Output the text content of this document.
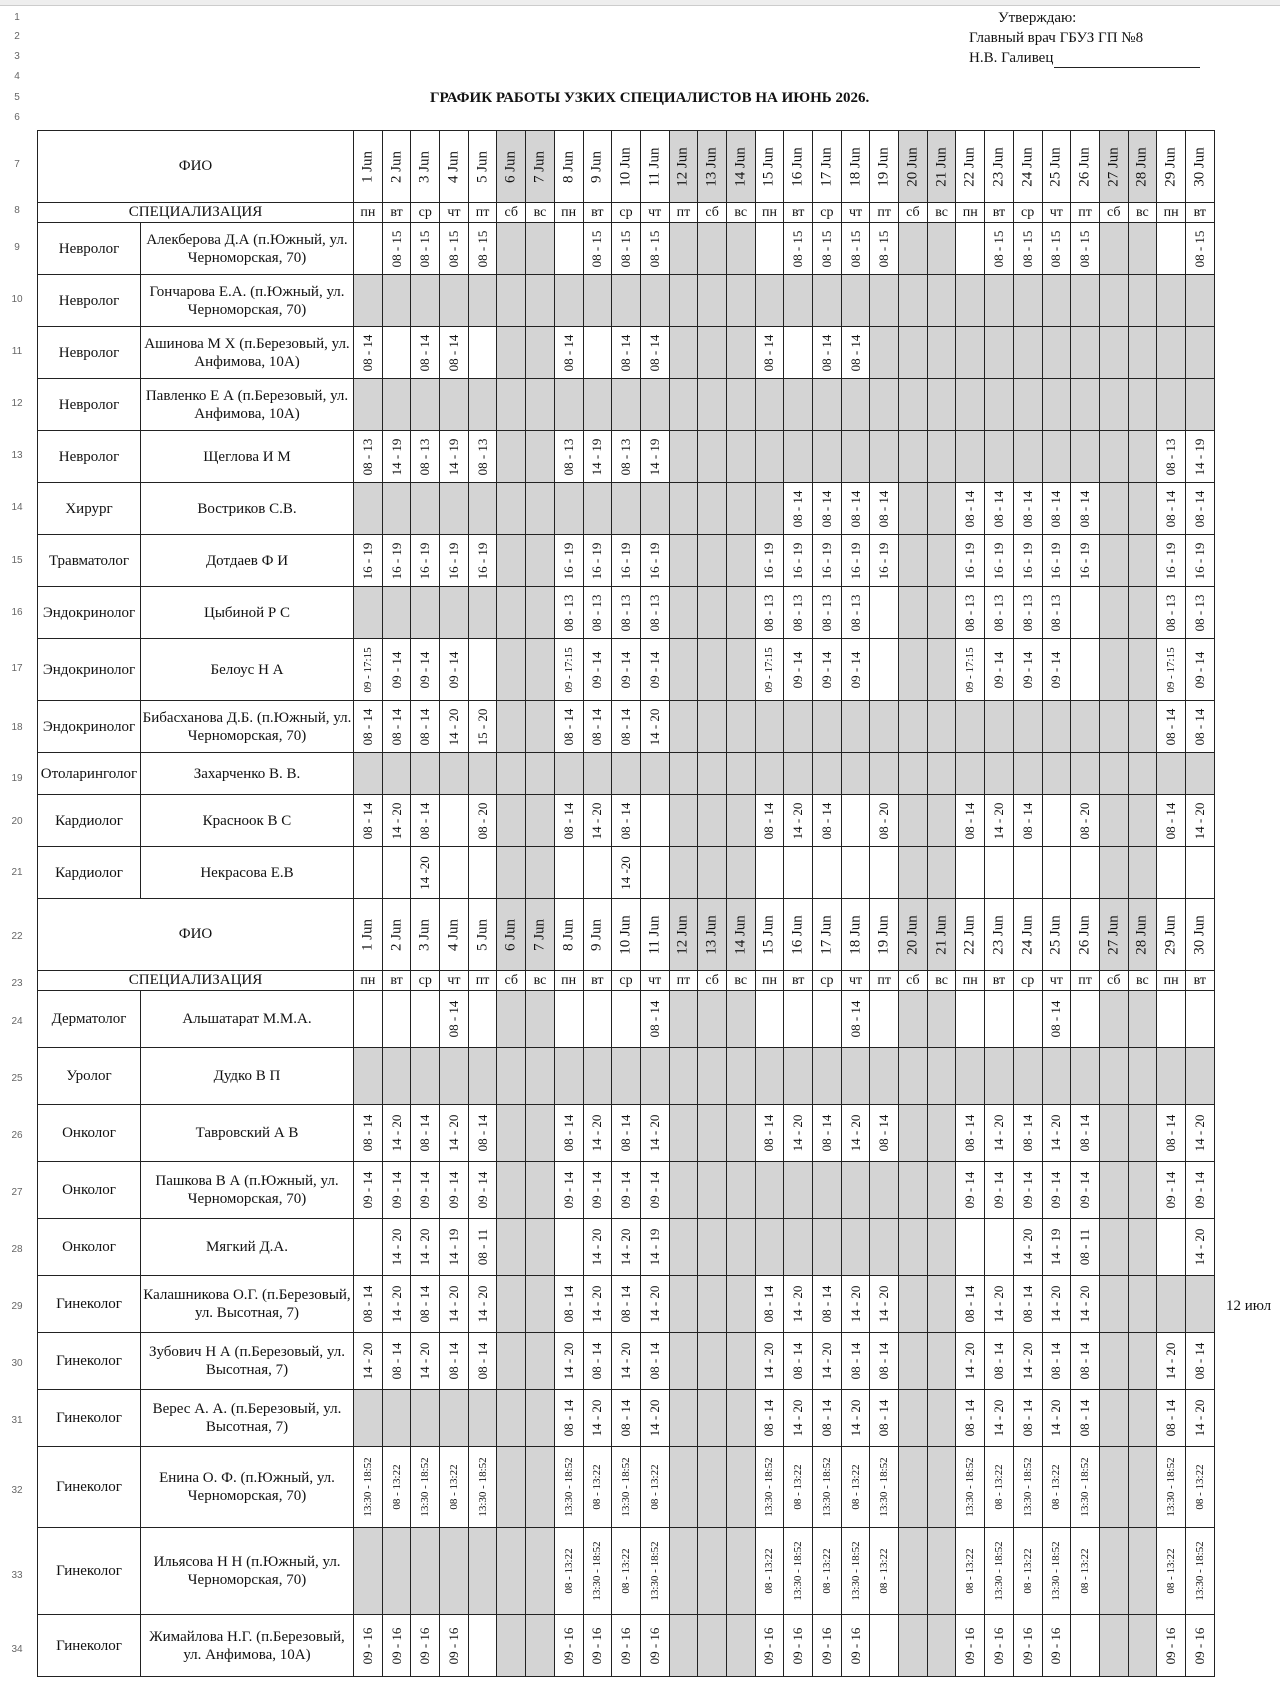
1
2
3
4
5
6
7
8
9
10
11
12
13
14
15
16
17
18
19
20
21
22
23
24
25
26
27
28
29
30
31
32
33
34
Утверждаю:
Главный врач ГБУЗ ГП №8
Н.В. Галивец
ГРАФИК РАБОТЫ УЗКИХ СПЕЦИАЛИСТОВ НА ИЮНЬ 2026.
ФИО		1 Jun	2 Jun	3 Jun	4 Jun	5 Jun	6 Jun	7 Jun	8 Jun	9 Jun	10 Jun	11 Jun	12 Jun	13 Jun	14 Jun	15 Jun	16 Jun	17 Jun	18 Jun	19 Jun	20 Jun	21 Jun	22 Jun	23 Jun	24 Jun	25 Jun	26 Jun	27 Jun	28 Jun	29 Jun	30 Jun

СПЕЦИАЛИЗАЦИЯ		пн	вт	ср	чт	пт	сб	вс	пн	вт	ср	чт	пт	сб	вс	пн	вт	ср	чт	пт	сб	вс	пн	вт	ср	чт	пт	сб	вс	пн	вт
Невролог	Алекберова Д.А (п.Южный, ул. Черноморская, 70)		08 - 15	08 - 15	08 - 15	08 - 15				08 - 15	08 - 15	08 - 15					08 - 15	08 - 15	08 - 15	08 - 15				08 - 15	08 - 15	08 - 15	08 - 15				08 - 15

Невролог	Гончарова Е.А. (п.Южный, ул. Черноморская, 70)																														
Невролог	Ашинова М Х (п.Березовый, ул. Анфимова, 10А)	08 - 14		08 - 14	08 - 14				08 - 14		08 - 14	08 - 14				08 - 14		08 - 14	08 - 14												

Невролог	Павленко Е А (п.Березовый, ул. Анфимова, 10А)																														
Невролог	Щеглова И М	08 - 13	14 - 19	08 - 13	14 - 19	08 - 13			08 - 13	14 - 19	08 - 13	14 - 19																		08 - 13	14 - 19

Хирург	Востриков С.В.																08 - 14	08 - 14	08 - 14	08 - 14			08 - 14	08 - 14	08 - 14	08 - 14	08 - 14			08 - 14	08 - 14

Травматолог	Дотдаев Ф И	16 - 19	16 - 19	16 - 19	16 - 19	16 - 19			16 - 19	16 - 19	16 - 19	16 - 19				16 - 19	16 - 19	16 - 19	16 - 19	16 - 19			16 - 19	16 - 19	16 - 19	16 - 19	16 - 19			16 - 19	16 - 19

Эндокринолог	Цыбиной Р С								08 - 13	08 - 13	08 - 13	08 - 13				08 - 13	08 - 13	08 - 13	08 - 13				08 - 13	08 - 13	08 - 13	08 - 13				08 - 13	08 - 13

Эндокринолог	Белоус Н А	09 - 17:15	09 - 14	09 - 14	09 - 14				09 - 17:15	09 - 14	09 - 14	09 - 14				09 - 17:15	09 - 14	09 - 14	09 - 14				09 - 17:15	09 - 14	09 - 14	09 - 14				09 - 17:15	09 - 14

Эндокринолог	Бибасханова Д.Б. (п.Южный, ул. Черноморская, 70)	08 - 14	08 - 14	08 - 14	14 - 20	15 - 20			08 - 14	08 - 14	08 - 14	14 - 20																		08 - 14	08 - 14

Отоларинголог	Захарченко В. В.																														
Кардиолог	Красноок В С	08 - 14	14 - 20	08 - 14		08 - 20			08 - 14	14 - 20	08 - 14					08 - 14	14 - 20	08 - 14		08 - 20			08 - 14	14 - 20	08 - 14		08 - 20			08 - 14	14 - 20

Кардиолог	Некрасова Е.В			14 -20							14 -20																				

ФИО		1 Jun	2 Jun	3 Jun	4 Jun	5 Jun	6 Jun	7 Jun	8 Jun	9 Jun	10 Jun	11 Jun	12 Jun	13 Jun	14 Jun	15 Jun	16 Jun	17 Jun	18 Jun	19 Jun	20 Jun	21 Jun	22 Jun	23 Jun	24 Jun	25 Jun	26 Jun	27 Jun	28 Jun	29 Jun	30 Jun

СПЕЦИАЛИЗАЦИЯ		пн	вт	ср	чт	пт	сб	вс	пн	вт	ср	чт	пт	сб	вс	пн	вт	ср	чт	пт	сб	вс	пн	вт	ср	чт	пт	сб	вс	пн	вт
Дерматолог	Альшатарат М.М.А.				08 - 14							08 - 14							08 - 14							08 - 14					

Уролог	Дудко В П																														
Онколог	Тавровский А В	08 - 14	14 - 20	08 - 14	14 - 20	08 - 14			08 - 14	14 - 20	08 - 14	14 - 20				08 - 14	14 - 20	08 - 14	14 - 20	08 - 14			08 - 14	14 - 20	08 - 14	14 - 20	08 - 14			08 - 14	14 - 20

Онколог	Пашкова В А (п.Южный, ул. Черноморская, 70)	09 - 14	09 - 14	09 - 14	09 - 14	09 - 14			09 - 14	09 - 14	09 - 14	09 - 14											09 - 14	09 - 14	09 - 14	09 - 14	09 - 14			09 - 14	09 - 14

Онколог	Мягкий Д.А.		14 - 20	14 - 20	14 - 19	08 - 11				14 - 20	14 - 20	14 - 19													14 - 20	14 - 19	08 - 11				14 - 20

Гинеколог	Калашникова О.Г. (п.Березовый, ул. Высотная, 7)	08 - 14	14 - 20	08 - 14	14 - 20	14 - 20			08 - 14	14 - 20	08 - 14	14 - 20				08 - 14	14 - 20	08 - 14	14 - 20	14 - 20			08 - 14	14 - 20	08 - 14	14 - 20	14 - 20				

Гинеколог	Зубович Н А (п.Березовый, ул. Высотная, 7)	14 - 20	08 - 14	14 - 20	08 - 14	08 - 14			14 - 20	08 - 14	14 - 20	08 - 14				14 - 20	08 - 14	14 - 20	08 - 14	08 - 14			14 - 20	08 - 14	14 - 20	08 - 14	08 - 14			14 - 20	08 - 14

Гинеколог	Верес А. А. (п.Березовый, ул. Высотная, 7)								08 - 14	14 - 20	08 - 14	14 - 20				08 - 14	14 - 20	08 - 14	14 - 20	08 - 14			08 - 14	14 - 20	08 - 14	14 - 20	08 - 14			08 - 14	14 - 20

Гинеколог	Енина О. Ф. (п.Южный, ул. Черноморская, 70)	13:30 - 18:52	08 - 13:22	13:30 - 18:52	08 - 13:22	13:30 - 18:52			13:30 - 18:52	08 - 13:22	13:30 - 18:52	08 - 13:22				13:30 - 18:52	08 - 13:22	13:30 - 18:52	08 - 13:22	13:30 - 18:52			13:30 - 18:52	08 - 13:22	13:30 - 18:52	08 - 13:22	13:30 - 18:52			13:30 - 18:52	08 - 13:22

Гинеколог	Ильясова Н Н (п.Южный, ул. Черноморская, 70)								08 - 13:22	13:30 - 18:52	08 - 13:22	13:30 - 18:52				08 - 13:22	13:30 - 18:52	08 - 13:22	13:30 - 18:52	08 - 13:22			08 - 13:22	13:30 - 18:52	08 - 13:22	13:30 - 18:52	08 - 13:22			08 - 13:22	13:30 - 18:52

Гинеколог	Жимайлова Н.Г. (п.Березовый, ул. Анфимова, 10А)	09 - 16	09 - 16	09 - 16	09 - 16				09 - 16	09 - 16	09 - 16	09 - 16				09 - 16	09 - 16	09 - 16	09 - 16				09 - 16	09 - 16	09 - 16	09 - 16				09 - 16	09 - 16
12 июл
